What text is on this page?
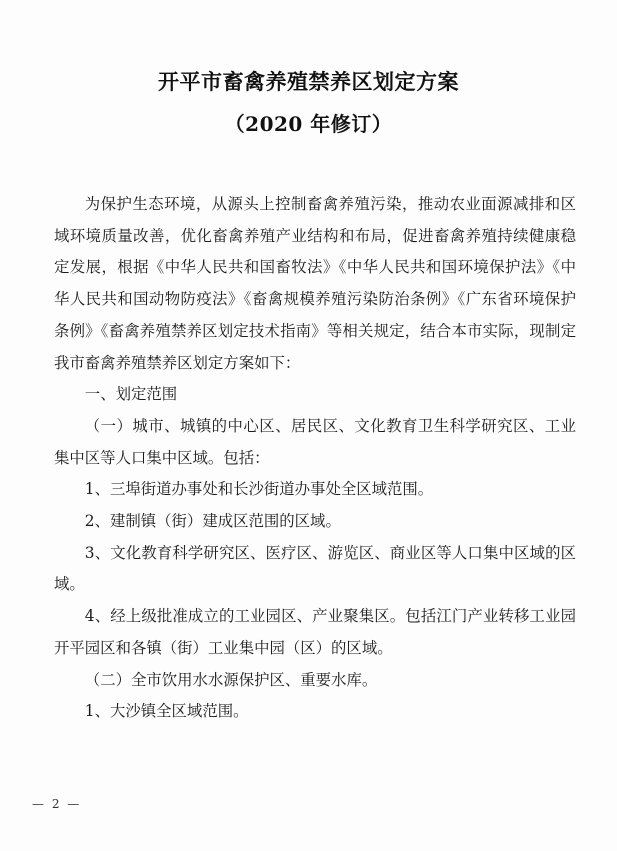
开平市畜禽养殖禁养区划定方案
（2020 年修订）

为保护生态环境，从源头上控制畜禽养殖污染，推动农业面源减排和区域环境质量改善，优化畜禽养殖产业结构和布局，促进畜禽养殖持续健康稳定发展，根据《中华人民共和国畜牧法》《中华人民共和国环境保护法》《中华人民共和国动物防疫法》《畜禽规模养殖污染防治条例》《广东省环境保护条例》《畜禽养殖禁养区划定技术指南》等相关规定，结合本市实际，现制定我市畜禽养殖禁养区划定方案如下：

一、划定范围

（一）城市、城镇的中心区、居民区、文化教育卫生科学研究区、工业集中区等人口集中区域。包括：

1、三埠街道办事处和长沙街道办事处全区域范围。

2、建制镇（街）建成区范围的区域。

3、文化教育科学研究区、医疗区、游览区、商业区等人口集中区域的区域。

4、经上级批准成立的工业园区、产业聚集区。包括江门产业转移工业园开平园区和各镇（街）工业集中园（区）的区域。

（二）全市饮用水水源保护区、重要水库。

1、大沙镇全区域范围。

— 2 —
